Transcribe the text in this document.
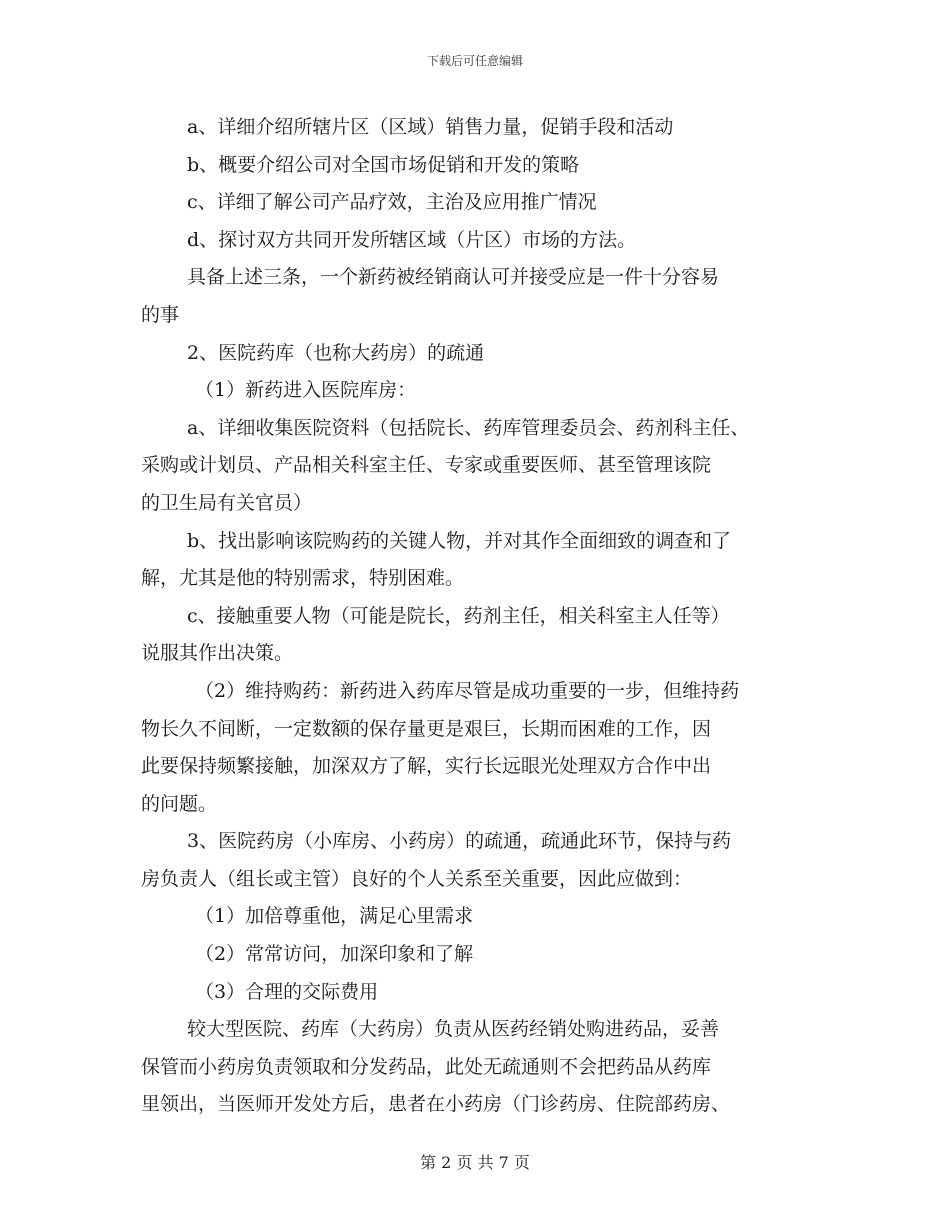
下载后可任意编辑
a、详细介绍所辖片区（区域）销售力量，促销手段和活动
b、概要介绍公司对全国市场促销和开发的策略
c、详细了解公司产品疗效，主治及应用推广情况
d、探讨双方共同开发所辖区域（片区）市场的方法。
具备上述三条，一个新药被经销商认可并接受应是一件十分容易
的事
2、医院药库（也称大药房）的疏通
（1）新药进入医院库房：
a、详细收集医院资料（包括院长、药库管理委员会、药剂科主任、
采购或计划员、产品相关科室主任、专家或重要医师、甚至管理该院
的卫生局有关官员）
b、找出影响该院购药的关键人物，并对其作全面细致的调查和了
解，尤其是他的特别需求，特别困难。
c、接触重要人物（可能是院长，药剂主任，相关科室主人任等）
说服其作出决策。
（2）维持购药：新药进入药库尽管是成功重要的一步，但维持药
物长久不间断，一定数额的保存量更是艰巨，长期而困难的工作，因
此要保持频繁接触，加深双方了解，实行长远眼光处理双方合作中出
的问题。
3、医院药房（小库房、小药房）的疏通，疏通此环节，保持与药
房负责人（组长或主管）良好的个人关系至关重要，因此应做到：
（1）加倍尊重他，满足心里需求
（2）常常访问，加深印象和了解
（3）合理的交际费用
较大型医院、药库（大药房）负责从医药经销处购进药品，妥善
保管而小药房负责领取和分发药品，此处无疏通则不会把药品从药库
里领出，当医师开发处方后，患者在小药房（门诊药房、住院部药房、
第 2 页 共 7 页
